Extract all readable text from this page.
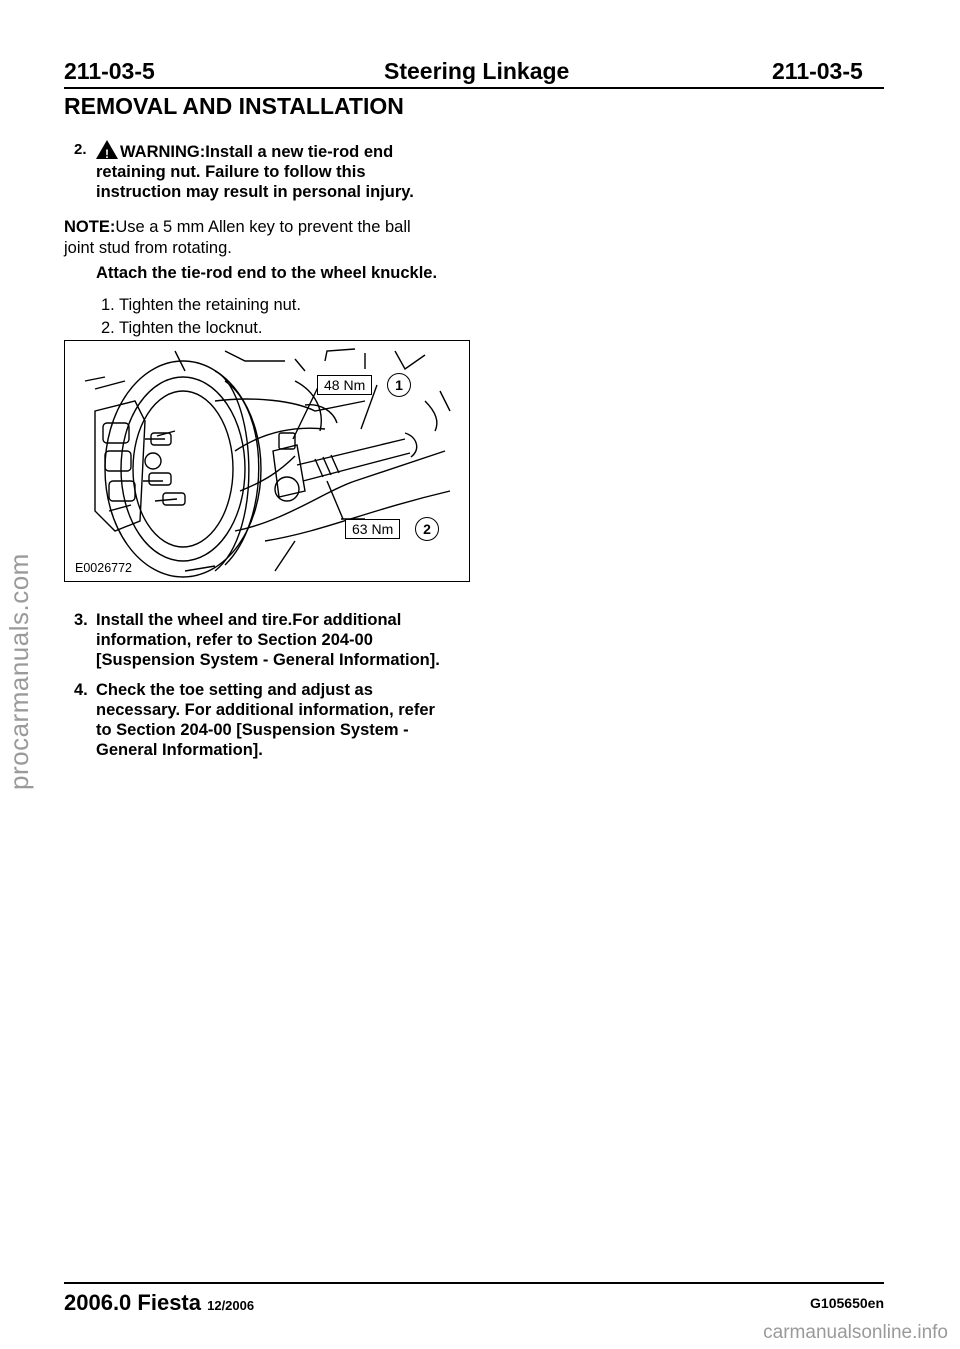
211-03-5	Steering Linkage	211-03-5
REMOVAL AND INSTALLATION
2.
!	WARNING:Install a new tie-rod end
retaining nut. Failure to follow this
instruction may result in personal injury.
NOTE:Use a 5 mm Allen key to prevent the ball
joint stud from rotating.
Attach the tie-rod end to the wheel knuckle.
1. Tighten the retaining nut.
2. Tighten the locknut.
48 Nm	1
63 Nm	2
E0026772
3. Install the wheel and tire.For additional
information, refer to Section 204-00
[Suspension System - General Information].
4. Check the toe setting and adjust as
necessary. For additional information, refer
to Section 204-00 [Suspension System -
General Information].
procarmanuals.com
2006.0 Fiesta 12/2006	G105650en
carmanualsonline.info
